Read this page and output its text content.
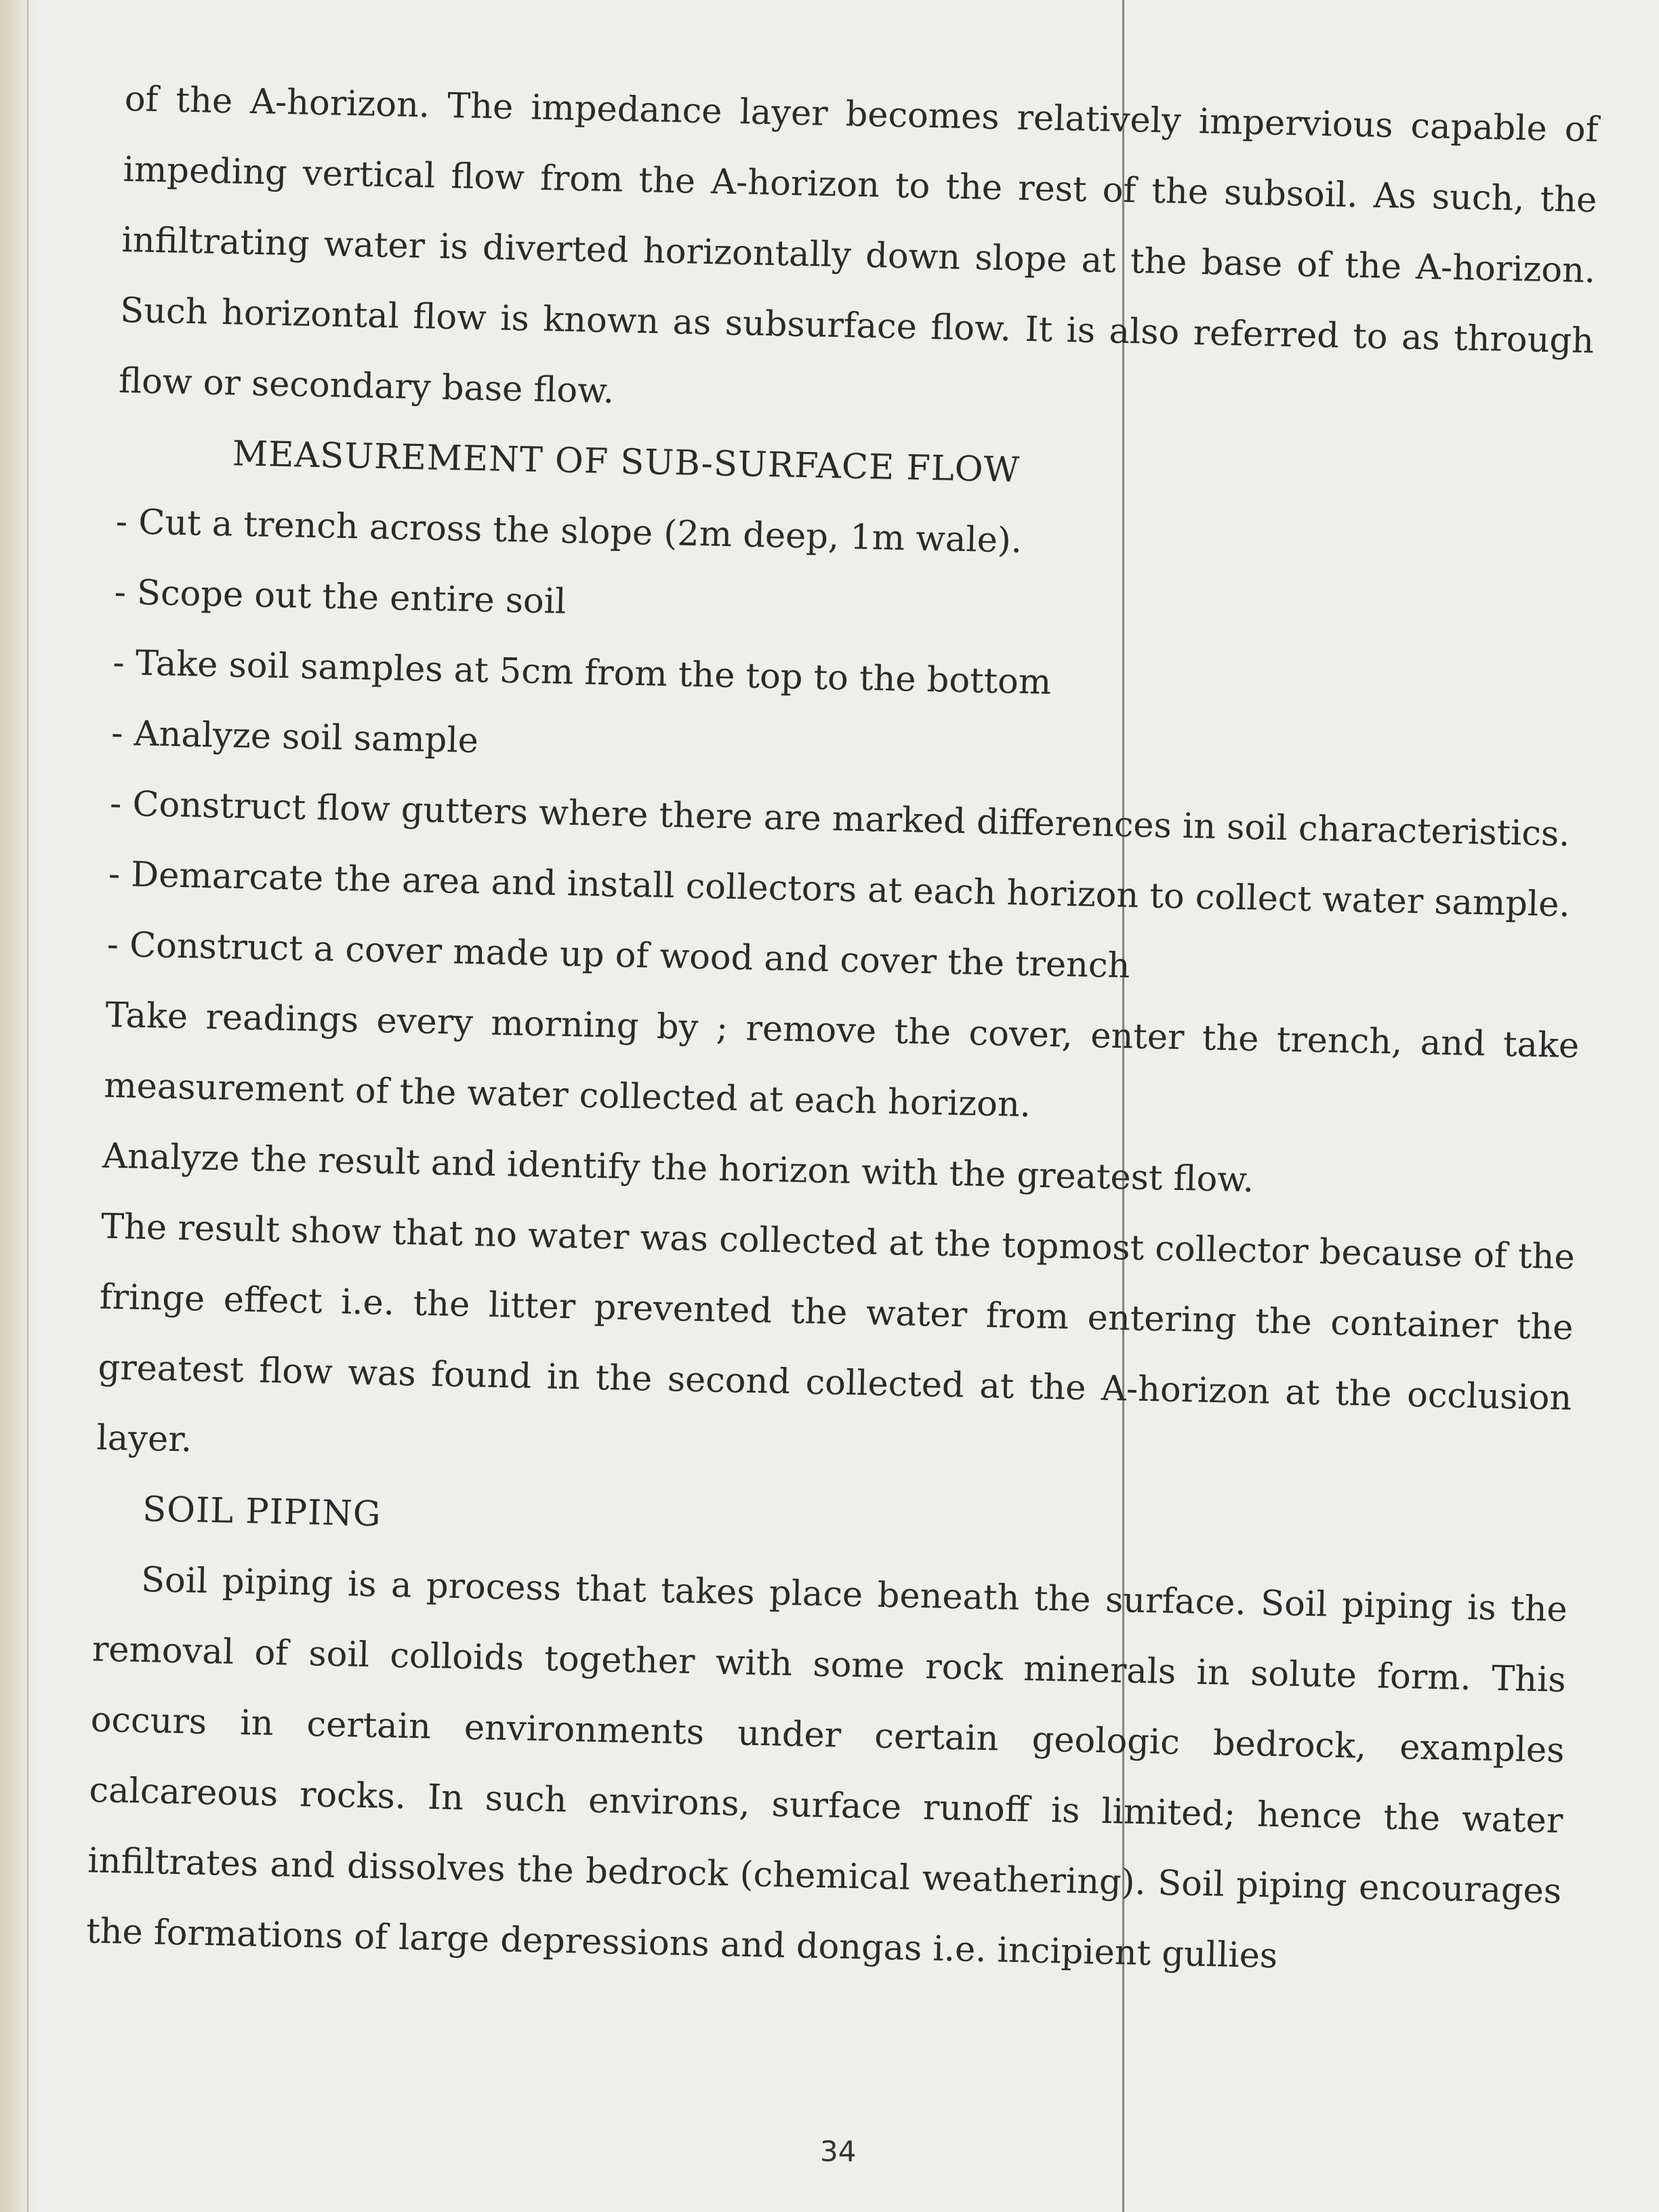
of the A-horizon. The impedance layer becomes relatively impervious capable of impeding vertical flow from the A-horizon to the rest of the subsoil. As such, the infiltrating water is diverted horizontally down slope at the base of the A-horizon. Such horizontal flow is known as subsurface flow. It is also referred to as through flow or secondary base flow.

MEASUREMENT OF SUB-SURFACE FLOW

- Cut a trench across the slope (2m deep, 1m wale).

- Scope out the entire soil

- Take soil samples at 5cm from the top to the bottom

- Analyze soil sample

- Construct flow gutters where there are marked differences in soil characteristics.

- Demarcate the area and install collectors at each horizon to collect water sample.

- Construct a cover made up of wood and cover the trench

Take readings every morning by ; remove the cover, enter the trench, and take measurement of the water collected at each horizon.

Analyze the result and identify the horizon with the greatest flow.

The result show that no water was collected at the topmost collector because of the fringe effect i.e. the litter prevented the water from entering the container the greatest flow was found in the second collected at the A-horizon at the occlusion layer.

SOIL PIPING

Soil piping is a process that takes place beneath the surface. Soil piping is the removal of soil colloids together with some rock minerals in solute form. This occurs in certain environments under certain geologic bedrock, examples calcareous rocks. In such environs, surface runoff is limited; hence the water infiltrates and dissolves the bedrock (chemical weathering). Soil piping encourages the formations of large depressions and dongas i.e. incipient gullies

34
